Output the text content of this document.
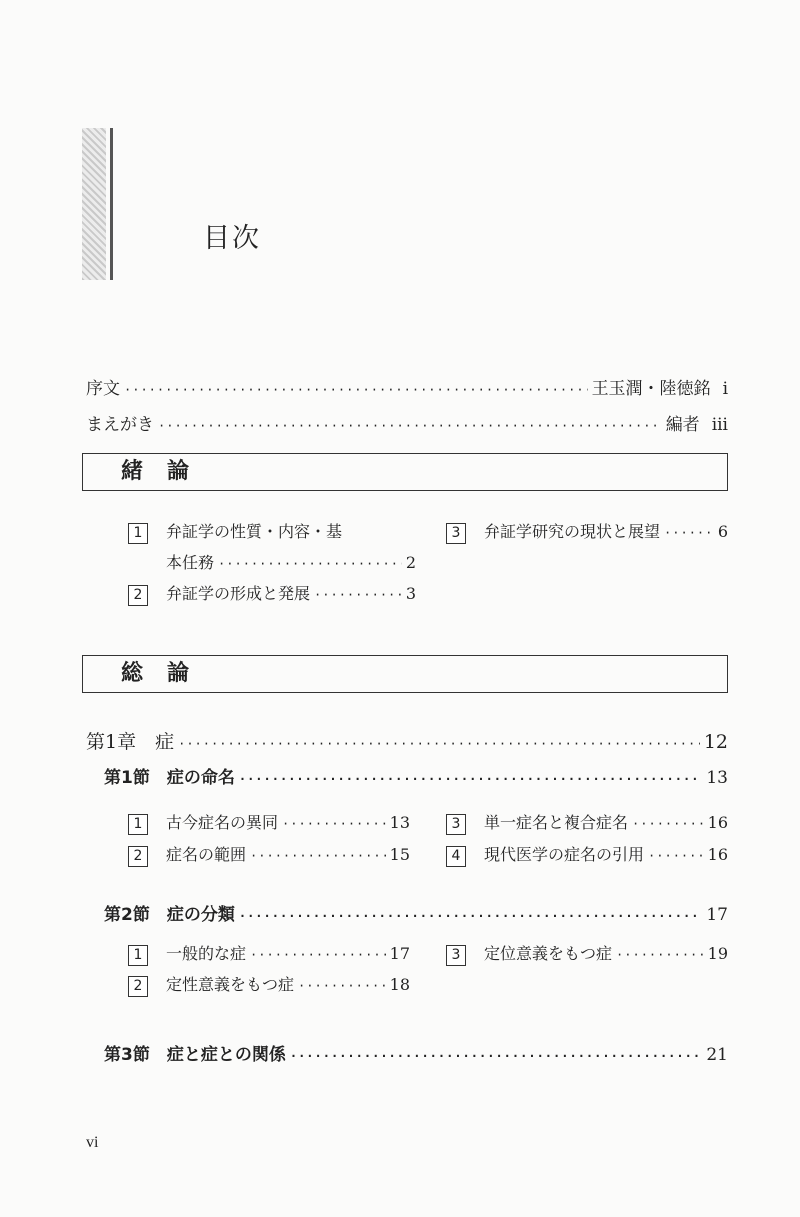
目次
序文 ·····	王玉潤・陸徳銘 i
まえがき ·····	編者 iii
緒 論
1	弁証学の性質・内容・基
本任務 ·····	2
2	弁証学の形成と発展 ·····	3
3	弁証学研究の現状と展望 ·····	6
総 論
第1章　症 ·····	12
第1節　症の命名 ·····	13
1	古今症名の異同 ·····	13
2	症名の範囲 ·····	15
3	単一症名と複合症名 ·····	16
4	現代医学の症名の引用 ·····	16
第2節　症の分類 ·····	17
1	一般的な症 ·····	17
2	定性意義をもつ症 ·····	18
3	定位意義をもつ症 ·····	19
第3節　症と症との関係 ·····	21
vi
